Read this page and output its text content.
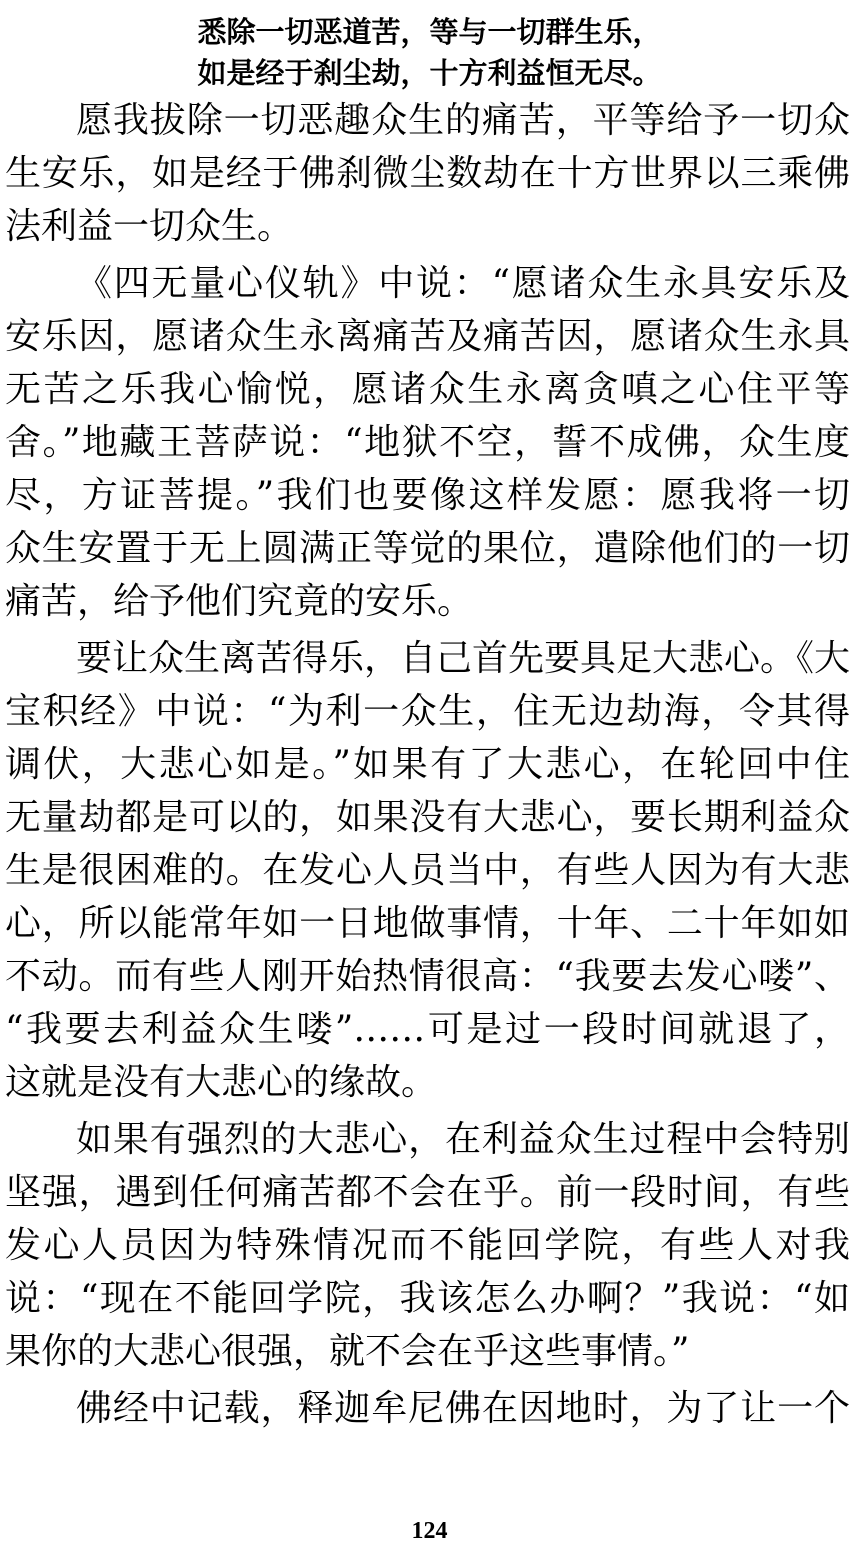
悉除一切恶道苦，等与一切群生乐，
如是经于刹尘劫，十方利益恒无尽。
愿我拔除一切恶趣众生的痛苦，平等给予一切众
生安乐，如是经于佛刹微尘数劫在十方世界以三乘佛
法利益一切众生。
《四无量心仪轨》中说：“愿诸众生永具安乐及
安乐因，愿诸众生永离痛苦及痛苦因，愿诸众生永具
无苦之乐我心愉悦，愿诸众生永离贪嗔之心住平等
舍。”地藏王菩萨说：“地狱不空，誓不成佛，众生度
尽，方证菩提。”我们也要像这样发愿：愿我将一切
众生安置于无上圆满正等觉的果位，遣除他们的一切
痛苦，给予他们究竟的安乐。
要让众生离苦得乐，自己首先要具足大悲心。《大
宝积经》中说：“为利一众生，住无边劫海，令其得
调伏，大悲心如是。”如果有了大悲心，在轮回中住
无量劫都是可以的，如果没有大悲心，要长期利益众
生是很困难的。在发心人员当中，有些人因为有大悲
心，所以能常年如一日地做事情，十年、二十年如如
不动。而有些人刚开始热情很高：“我要去发心喽”、
“我要去利益众生喽”……可是过一段时间就退了，
这就是没有大悲心的缘故。
如果有强烈的大悲心，在利益众生过程中会特别
坚强，遇到任何痛苦都不会在乎。前一段时间，有些
发心人员因为特殊情况而不能回学院，有些人对我
说：“现在不能回学院，我该怎么办啊？”我说：“如
果你的大悲心很强，就不会在乎这些事情。”
佛经中记载，释迦牟尼佛在因地时，为了让一个
124
